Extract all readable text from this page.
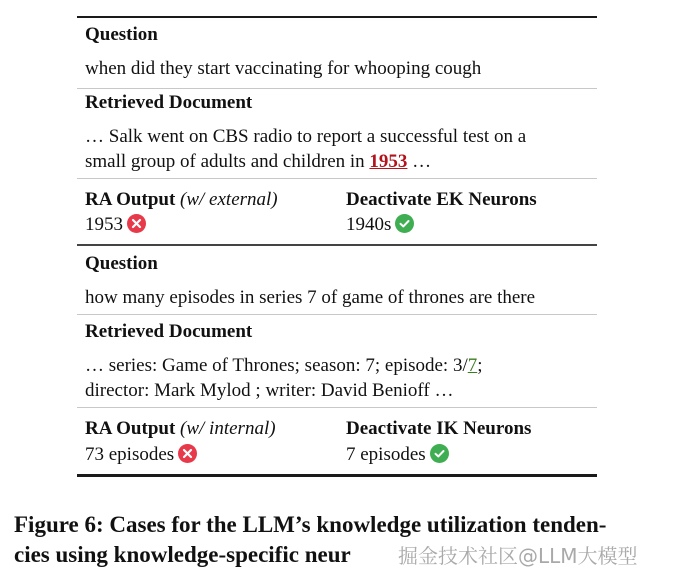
Question
when did they start vaccinating for whooping cough
Retrieved Document
… Salk went on CBS radio to report a successful test on a
small group of adults and children in 1953 …
RA Output (w/ external)
1953
Deactivate EK Neurons
1940s
Question
how many episodes in series 7 of game of thrones are there
Retrieved Document
… series: Game of Thrones; season: 7; episode: 3/7;
director: Mark Mylod ; writer: David Benioff …
RA Output (w/ internal)
73 episodes
Deactivate IK Neurons
7 episodes
Figure 6: Cases for the LLM’s knowledge utilization tenden-
cies using knowledge-specific neur 掘金技术社区@LLM大模型
